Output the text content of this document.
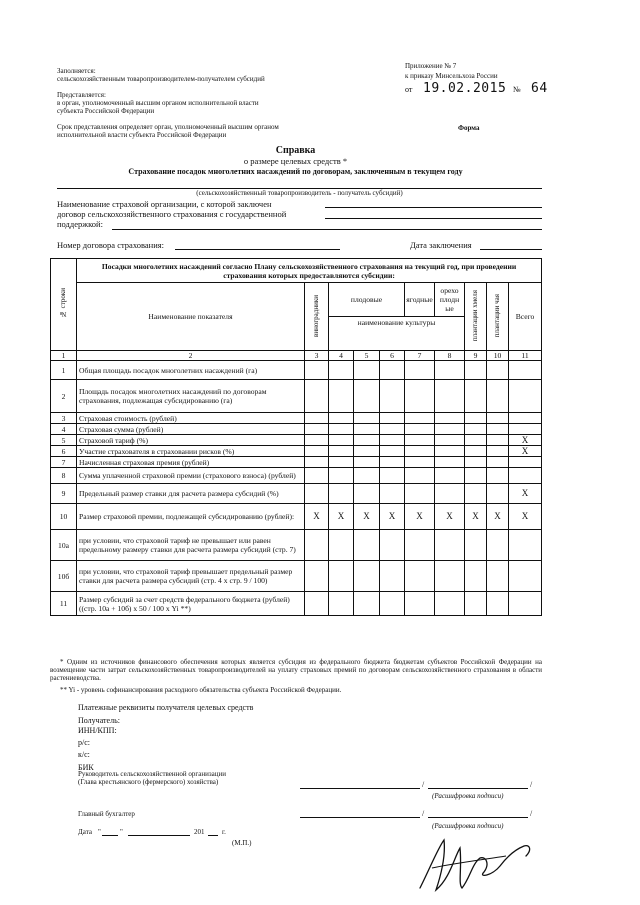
Заполняется:
сельскохозяйственным товаропроизводителем-получателем субсидий
Представляется:
в орган, уполномоченный высшим органом исполнительной власти
субъекта Российской Федерации
Срок представления определяет орган, уполномоченный высшим органом
исполнительной власти субъекта Российской Федерации
Приложение № 7
к приказу Минсельхоза России
от 19.02.2015 № 64
Форма
Справка
о размере целевых средств *
Страхование посадок многолетних насаждений по договорам, заключенным в текущем году
(сельскохозяйственный товаропроизводитель - получатель субсидий)
Наименование страховой организации, с которой заключен
договор сельскохозяйственного страхования с государственной
поддержкой:
Номер договора страхования:	Дата заключения
№ строки	Посадки многолетних насаждений согласно Плану сельскохозяйственного страхования на текущий год, при проведении страхования которых предоставляются субсидии:									
	Наименование показателя	виноградники	плодовые			ягодные	орехоплодные	плантации хмеля	плантации чая	Всего
			наименование культуры							
1	2	3	4	5	6	7	8	9	10	11
1	Общая площадь посадок многолетних насаждений (га)									
2	Площадь посадок многолетних насаждений по договорам страхования, подлежащая субсидированию (га)									
3	Страховая стоимость (рублей)									
4	Страховая сумма (рублей)									
5	Страховой тариф (%)									X
6	Участие страхователя в страховании рисков (%)									X
7	Начисленная страховая премия (рублей)									
8	Сумма уплаченной страховой премии (страхового взноса) (рублей)									
9	Предельный размер ставки для расчета размера субсидий (%)									X
10	Размер страховой премии, подлежащей субсидированию (рублей):	X	X	X	X	X	X	X	X	X
10а	при условии, что страховой тариф не превышает или равен предельному размеру ставки для расчета размера субсидий (стр. 7)									
10б	при условии, что страховой тариф превышает предельный размер ставки для расчета размера субсидий (стр. 4 х стр. 9 / 100)									
11	Размер субсидий за счет средств федерального бюджета (рублей) ((стр. 10а + 10б) х 50 / 100 х Yi **)									
* Одним из источников финансового обеспечения которых является субсидия из федерального бюджета бюджетам субъектов Российской Федерации на возмещение части затрат сельскохозяйственных товаропроизводителей на уплату страховых премий по договорам сельскохозяйственного страхования в области растениеводства.
** Yi - уровень софинансирования расходного обязательства субъекта Российской Федерации.
Платежные реквизиты получателя целевых средств
Получатель:
ИНН/КПП:
р/с:
к/с:
БИК
Руководитель сельскохозяйственной организации
(Глава крестьянского (фермерского) хозяйства)	/	/
(Расшифровка подписи)
Главный бухгалтер	/	/
(Расшифровка подписи)
Дата "	"	201	г.
(М.П.)
